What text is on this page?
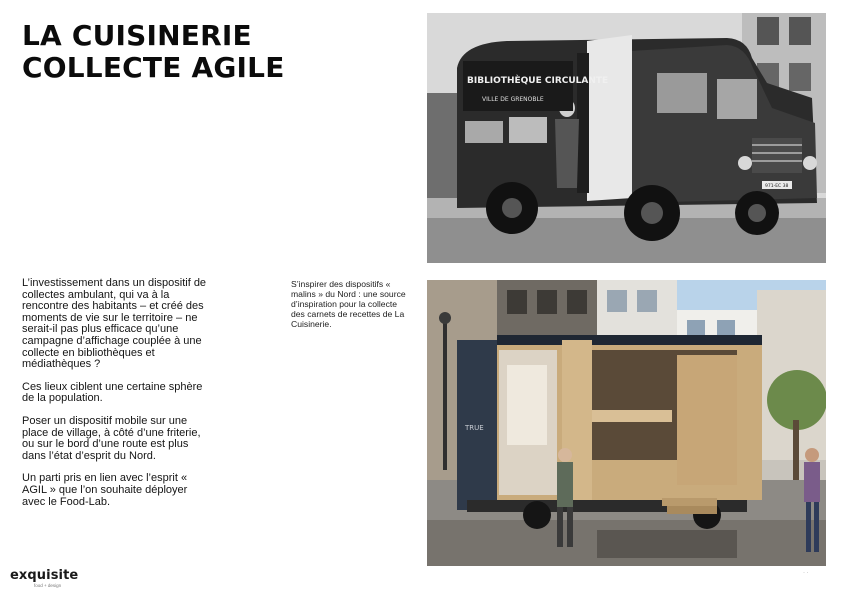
LA CUISINERIE
COLLECTE AGILE

L’investissement dans un dispositif de collectes ambulant, qui va à la rencontre des habitants – et créé des moments de vie sur le territoire – ne serait-il pas plus efficace qu’une campagne d’affichage couplée à une collecte en bibliothèques et médiathèques ?

Ces lieux ciblent une certaine sphère de la population.

Poser un dispositif mobile sur une place de village, à côté d’une friterie, ou sur le bord d’une route est plus dans l’état d’esprit du Nord.

Un parti pris en lien avec l’esprit « AGIL » que l’on souhaite déployer avec le Food-Lab.

S’inspirer des dispositifs « malins » du Nord : une source d’inspiration pour la collecte des carnets de recettes de La Cuisinerie.
BIBLIOTHÈQUE CIRCULANTE
VILLE DE GRENOBLE
971-EC 38
TRUE
exquisite
food + design
· ·
